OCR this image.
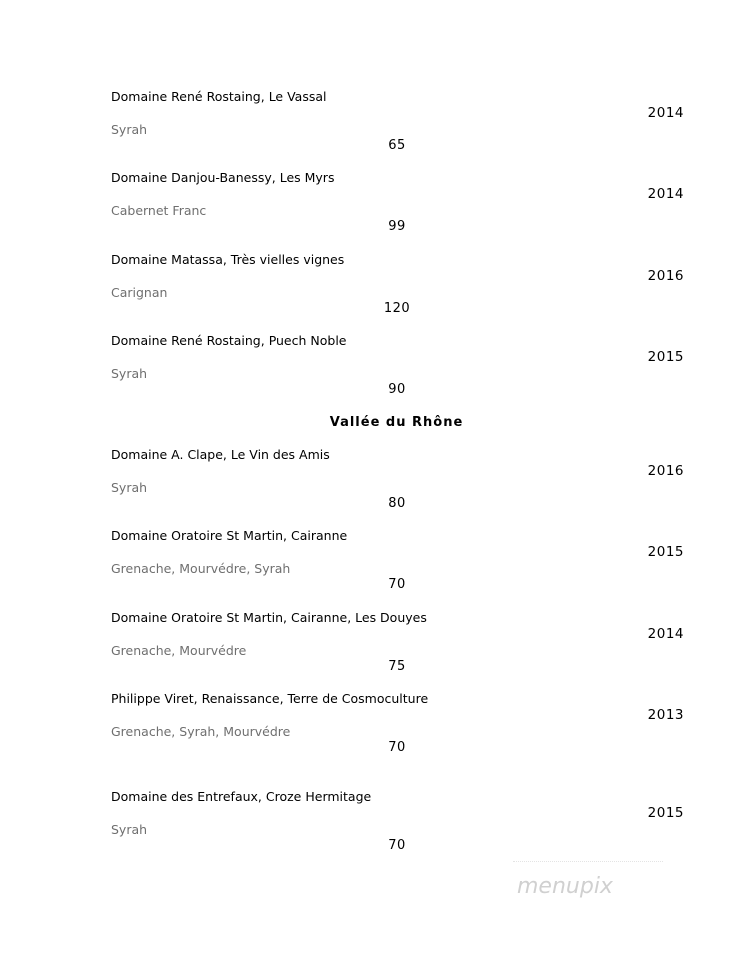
Domaine René Rostaing, Le Vassal
2014
Syrah
65
Domaine Danjou-Banessy, Les Myrs
2014
Cabernet Franc
99
Domaine Matassa, Très vielles vignes
2016
Carignan
120
Domaine René Rostaing, Puech Noble
2015
Syrah
90
Vallée du Rhône
Domaine A. Clape, Le Vin des Amis
2016
Syrah
80
Domaine Oratoire St Martin, Cairanne
2015
Grenache, Mourvédre, Syrah
70
Domaine Oratoire St Martin, Cairanne, Les Douyes
2014
Grenache, Mourvédre
75
Philippe Viret, Renaissance, Terre de Cosmoculture
2013
Grenache, Syrah, Mourvédre
70
Domaine des Entrefaux, Croze Hermitage
2015
Syrah
70
menupix
